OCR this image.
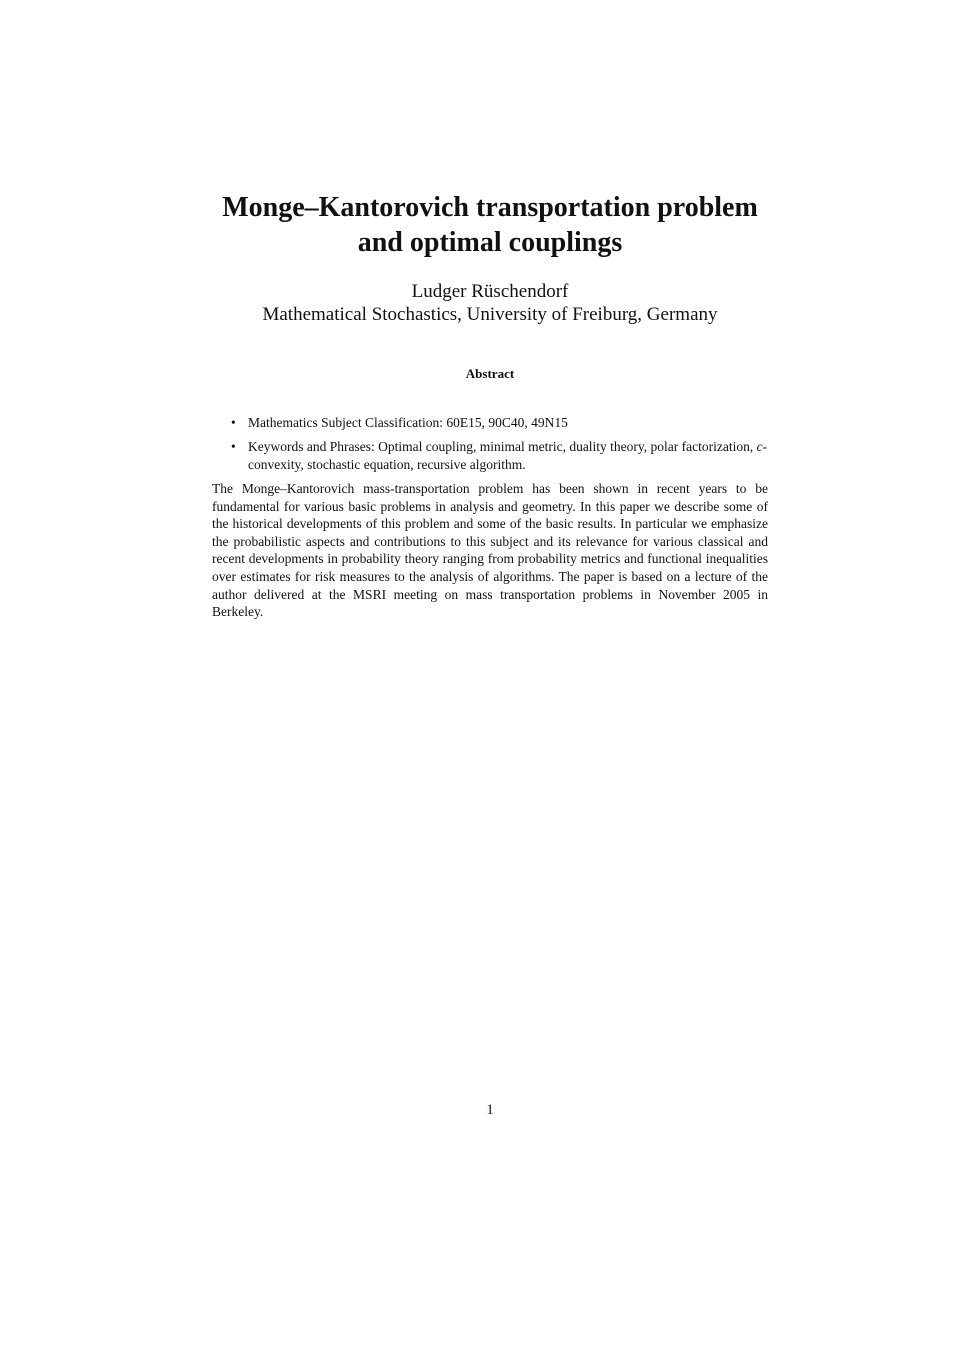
Monge–Kantorovich transportation problem
and optimal couplings
Ludger Rüschendorf
Mathematical Stochastics, University of Freiburg, Germany
Abstract
• Mathematics Subject Classification: 60E15, 90C40, 49N15
• Keywords and Phrases: Optimal coupling, minimal metric, duality theory, polar factorization, c-convexity, stochastic equation, recursive algorithm.

The Monge–Kantorovich mass-transportation problem has been shown in recent years to be fundamental for various basic problems in analysis and geometry. In this paper we describe some of the historical developments of this problem and some of the basic results. In particular we emphasize the probabilistic aspects and contributions to this subject and its relevance for various classical and recent developments in probability theory ranging from probability metrics and functional inequalities over estimates for risk measures to the analysis of algorithms. The paper is based on a lecture of the author delivered at the MSRI meeting on mass transportation problems in November 2005 in Berkeley.

1
